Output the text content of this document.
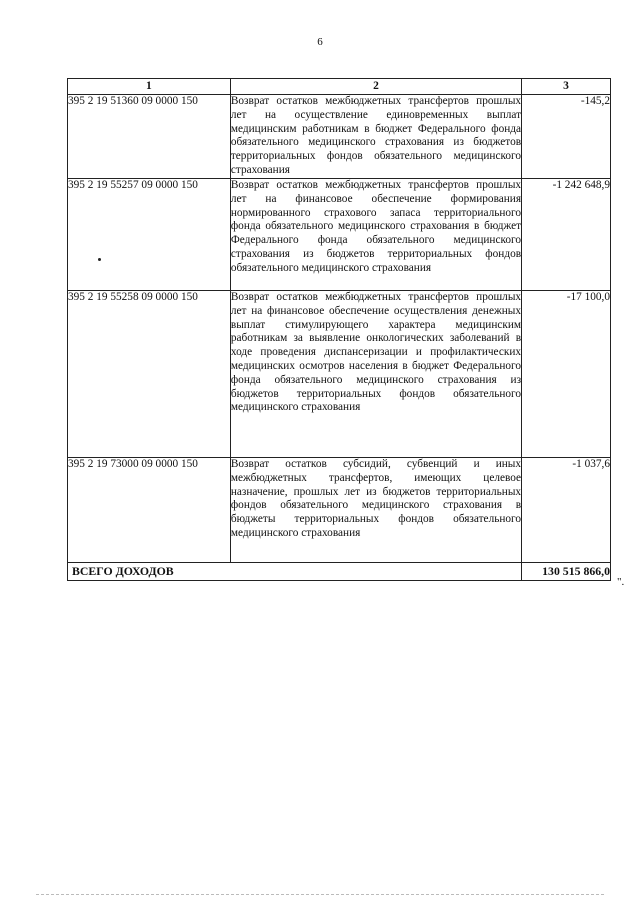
6
1	2	3
395 2 19 51360 09 0000 150	Возврат остатков межбюджетных трансфертов прошлых лет на осуществление единовременных выплат медицинским работникам в бюджет Федерального фонда обязательного медицинского страхования из бюджетов территориальных фондов обязательного медицинского страхования	-145,2
395 2 19 55257 09 0000 150	Возврат остатков межбюджетных трансфертов прошлых лет на финансовое обеспечение формирования нормированного страхового запаса территориального фонда обязательного медицинского страхования в бюджет Федерального фонда обязательного медицинского страхования из бюджетов территориальных фондов обязательного медицинского страхования	-1 242 648,9
395 2 19 55258 09 0000 150	Возврат остатков межбюджетных трансфертов прошлых лет на финансовое обеспечение осуществления денежных выплат стимулирующего характера медицинским работникам за выявление онкологических заболеваний в ходе проведения диспансеризации и профилактических медицинских осмотров населения в бюджет Федерального фонда обязательного медицинского страхования из бюджетов территориальных фондов обязательного медицинского страхования	-17 100,0
395 2 19 73000 09 0000 150	Возврат остатков субсидий, субвенций и иных межбюджетных трансфертов, имеющих целевое назначение, прошлых лет из бюджетов территориальных фондов обязательного медицинского страхования в бюджеты территориальных фондов обязательного медицинского страхования	-1 037,6
ВСЕГО ДОХОДОВ		130 515 866,0
".
